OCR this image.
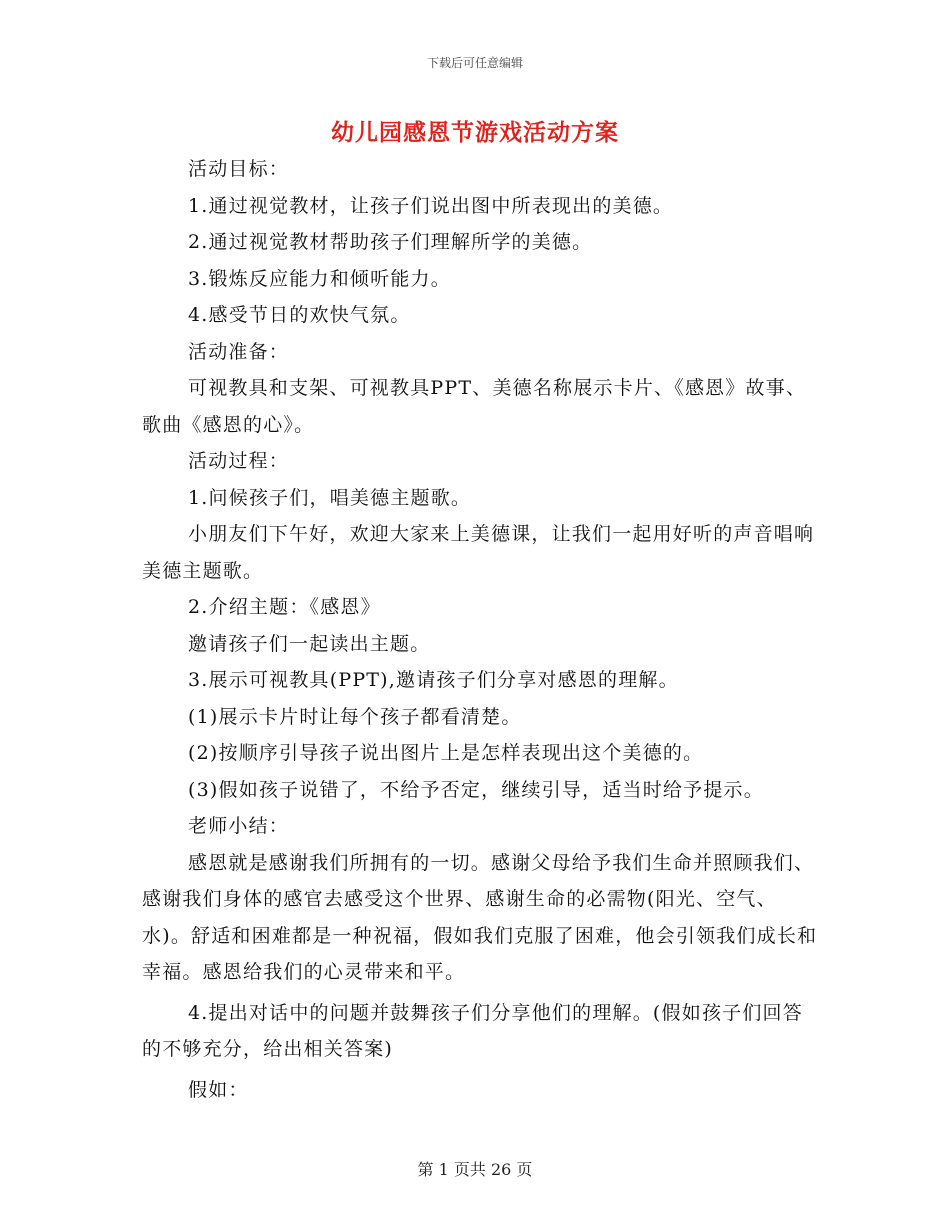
下载后可任意编辑
幼儿园感恩节游戏活动方案

活动目标：

1.通过视觉教材，让孩子们说出图中所表现出的美德。

2.通过视觉教材帮助孩子们理解所学的美德。

3.锻炼反应能力和倾听能力。

4.感受节日的欢快气氛。

活动准备：

可视教具和支架、可视教具PPT、美德名称展示卡片、《感恩》故事、歌曲《感恩的心》。

活动过程：

1.问候孩子们，唱美德主题歌。

小朋友们下午好，欢迎大家来上美德课，让我们一起用好听的声音唱响美德主题歌。

2.介绍主题：《感恩》

邀请孩子们一起读出主题。

3.展示可视教具(PPT),邀请孩子们分享对感恩的理解。

(1)展示卡片时让每个孩子都看清楚。

(2)按顺序引导孩子说出图片上是怎样表现出这个美德的。

(3)假如孩子说错了，不给予否定，继续引导，适当时给予提示。

老师小结：

感恩就是感谢我们所拥有的一切。感谢父母给予我们生命并照顾我们、感谢我们身体的感官去感受这个世界、感谢生命的必需物(阳光、空气、水)。舒适和困难都是一种祝福，假如我们克服了困难，他会引领我们成长和幸福。感恩给我们的心灵带来和平。

4.提出对话中的问题并鼓舞孩子们分享他们的理解。(假如孩子们回答的不够充分，给出相关答案)

假如：

第 1 页共 26 页
